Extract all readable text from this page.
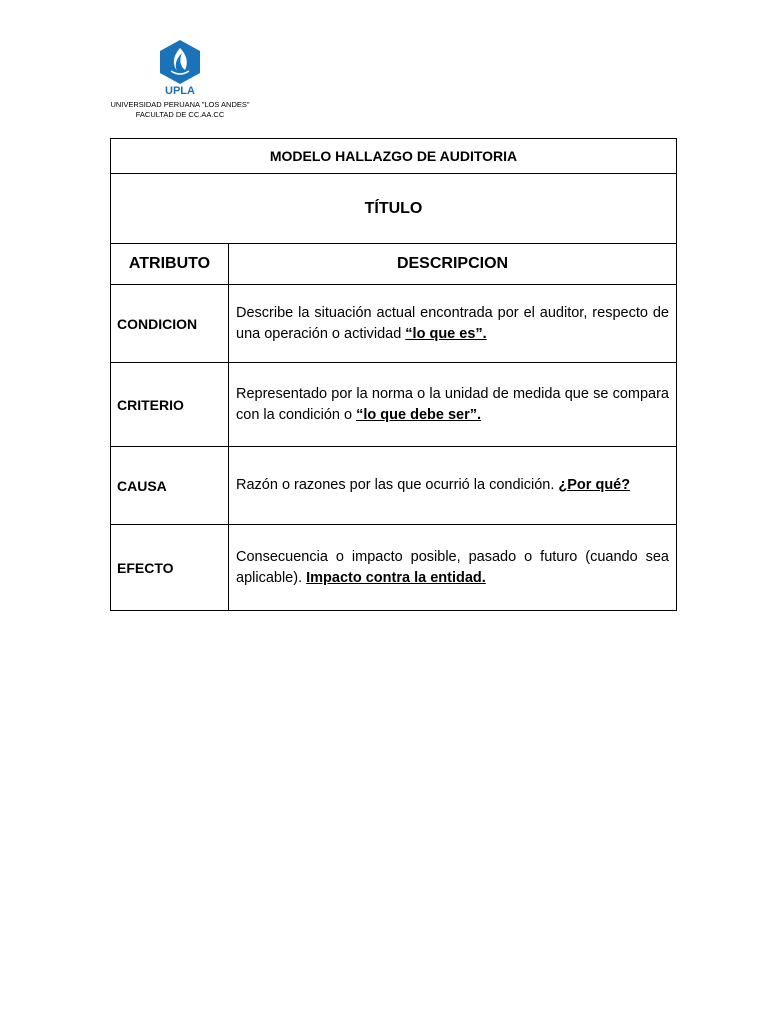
UPLA
UNIVERSIDAD PERUANA "LOS ANDES"
FACULTAD DE CC.AA.CC
MODELO HALLAZGO DE AUDITORIA	
TÍTULO	
ATRIBUTO	DESCRIPCION
CONDICION	Describe la situación actual encontrada por el auditor, respecto de una operación o actividad “lo que es”.
CRITERIO	Representado por la norma o la unidad de medida que se compara con la condición o “lo que debe ser”.
CAUSA	Razón o razones por las que ocurrió la condición. ¿Por qué?
EFECTO	Consecuencia o impacto posible, pasado o futuro (cuando sea aplicable). Impacto contra la entidad.
